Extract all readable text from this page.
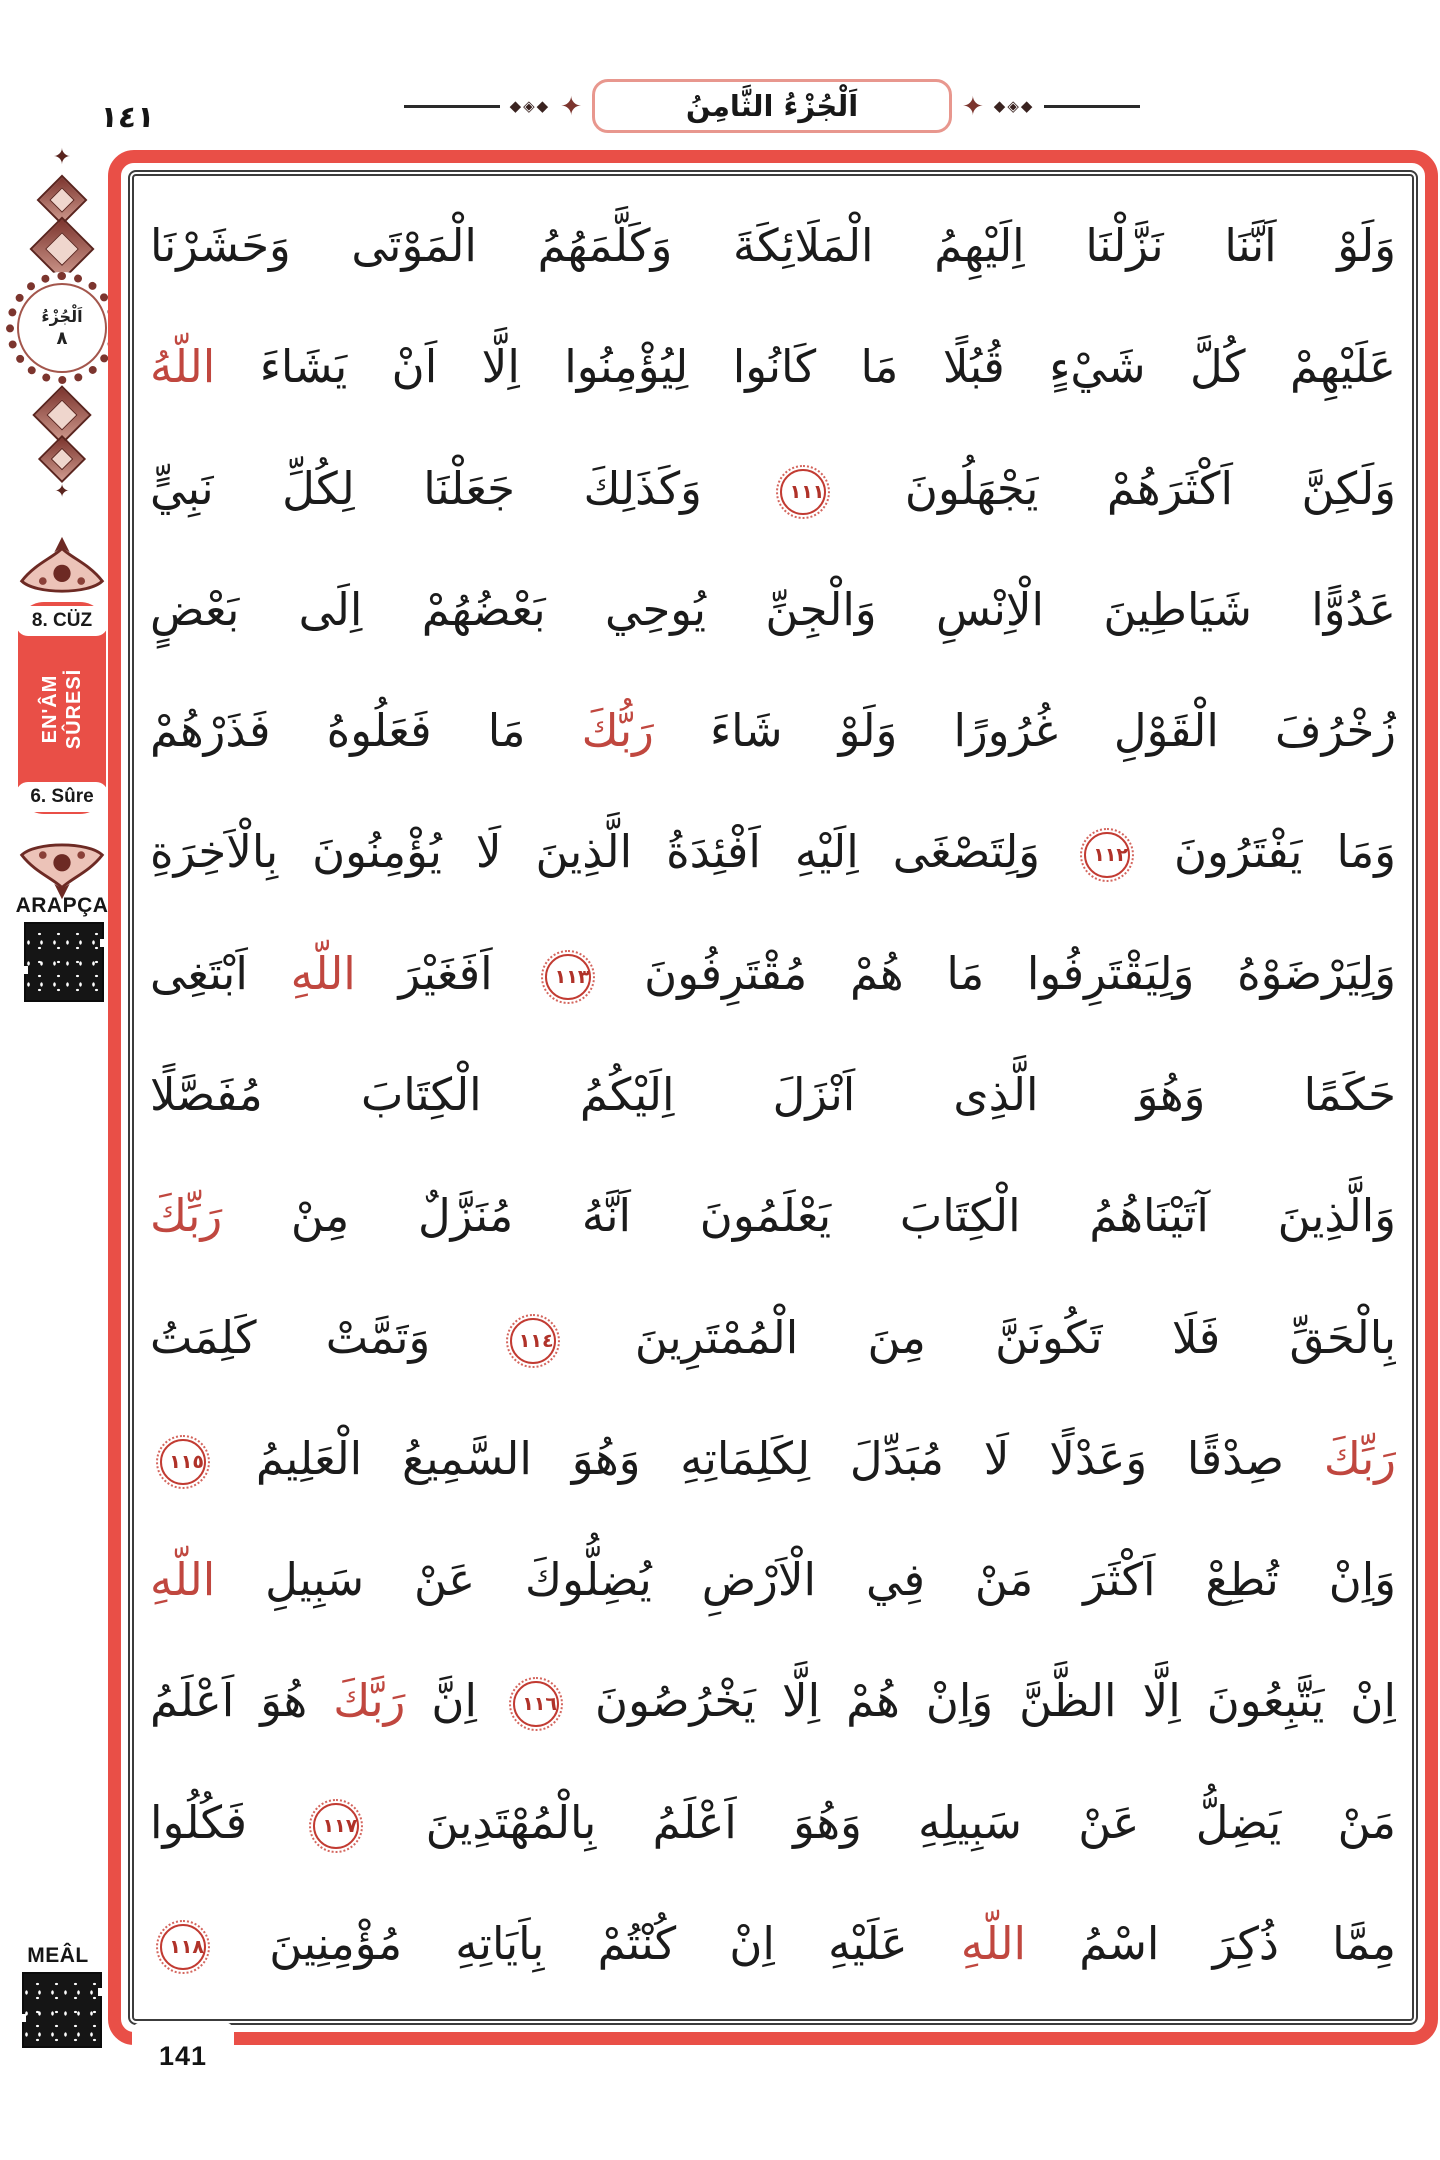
١٤١	◆◈◆ ✦	اَلْجُزْءُ الثَّامِنُ	✦ ◆◈◆
✦
اَلْجُزْءُ
٨
✦
8. CÜZ
EN'ÂM SÛRESİ
6. Sûre
ARAPÇA
MEÂL
وَلَوْ اَنَّنَا نَزَّلْنَا اِلَيْهِمُ الْمَلَائِكَةَ وَكَلَّمَهُمُ الْمَوْتَى وَحَشَرْنَا
عَلَيْهِمْ كُلَّ شَيْءٍ قُبُلًا مَا كَانُوا لِيُؤْمِنُوا اِلَّا اَنْ يَشَاءَ اللّهُ
وَلَكِنَّ اَكْثَرَهُمْ يَجْهَلُونَ ١١١ وَكَذَلِكَ جَعَلْنَا لِكُلِّ نَبِيٍّ
عَدُوًّا شَيَاطِينَ الْاِنْسِ وَالْجِنِّ يُوحِي بَعْضُهُمْ اِلَى بَعْضٍ
زُخْرُفَ الْقَوْلِ غُرُورًا وَلَوْ شَاءَ رَبُّكَ مَا فَعَلُوهُ فَذَرْهُمْ
وَمَا يَفْتَرُونَ ١١٢ وَلِتَصْغَى اِلَيْهِ اَفْئِدَةُ الَّذِينَ لَا يُؤْمِنُونَ بِالْاَخِرَةِ
وَلِيَرْضَوْهُ وَلِيَقْتَرِفُوا مَا هُمْ مُقْتَرِفُونَ ١١٣ اَفَغَيْرَ اللّهِ اَبْتَغِى
حَكَمًا وَهُوَ الَّذِى اَنْزَلَ اِلَيْكُمُ الْكِتَابَ مُفَصَّلًا
وَالَّذِينَ آتَيْنَاهُمُ الْكِتَابَ يَعْلَمُونَ اَنَّهُ مُنَزَّلٌ مِنْ رَبِّكَ
بِالْحَقِّ فَلَا تَكُونَنَّ مِنَ الْمُمْتَرِينَ ١١٤ وَتَمَّتْ كَلِمَتُ
رَبِّكَ صِدْقًا وَعَدْلًا لَا مُبَدِّلَ لِكَلِمَاتِهِ وَهُوَ السَّمِيعُ الْعَلِيمُ ١١٥
وَاِنْ تُطِعْ اَكْثَرَ مَنْ فِي الْاَرْضِ يُضِلُّوكَ عَنْ سَبِيلِ اللّهِ
اِنْ يَتَّبِعُونَ اِلَّا الظَّنَّ وَاِنْ هُمْ اِلَّا يَخْرُصُونَ ١١٦ اِنَّ رَبَّكَ هُوَ اَعْلَمُ
مَنْ يَضِلُّ عَنْ سَبِيلِهِ وَهُوَ اَعْلَمُ بِالْمُهْتَدِينَ ١١٧ فَكُلُوا
مِمَّا ذُكِرَ اسْمُ اللّهِ عَلَيْهِ اِنْ كُنْتُمْ بِاَيَاتِهِ مُؤْمِنِينَ ١١٨
141
